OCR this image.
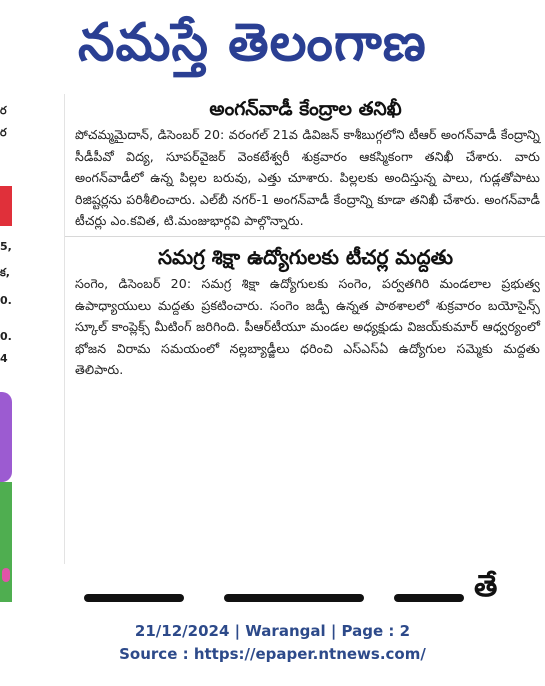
నమస్తే తెలంగాణ
ర
ర
5,
క,
0.
0.
4
అంగన్‌వాడీ కేంద్రాల తనిఖీ

పోచమ్మమైదాన్, డిసెంబర్ 20: వరంగల్ 21వ డివిజన్ కాశీబుగ్గలోని టీఆర్ అంగన్‌వాడీ కేంద్రాన్ని సీడీపీవో విద్య, సూపర్‌వైజర్ వెంకటేశ్వరీ శుక్రవారం ఆకస్మికంగా తనిఖీ చేశారు. వారు అంగన్‌వాడీలో ఉన్న పిల్లల బరువు, ఎత్తు చూశారు. పిల్లలకు అందిస్తున్న పాలు, గుడ్లతోపాటు రిజిష్టర్లను పరిశీలించారు. ఎల్‌బీ నగర్-1 అంగన్‌వాడీ కేంద్రాన్ని కూడా తనిఖీ చేశారు. అంగన్‌వాడీ టీచర్లు ఎం.కవిత, టి.మంజుభార్గవి పాల్గొన్నారు.

సమగ్ర శిక్షా ఉద్యోగులకు టీచర్ల మద్దతు

సంగెం, డిసెంబర్ 20: సమగ్ర శిక్షా ఉద్యోగులకు సంగెం, పర్వతగిరి మండలాల ప్రభుత్వ ఉపాధ్యాయులు మద్దతు ప్రకటించారు. సంగెం జడ్పీ ఉన్నత పాఠశాలలో శుక్రవారం బయోసైన్స్ స్కూల్ కాంప్లెక్స్ మీటింగ్ జరిగింది. పీఆర్‌టీయూ మండల అధ్యక్షుడు విజయ్‌కుమార్ ఆధ్వర్యంలో భోజన విరామ సమయంలో నల్లబ్యాడ్జీలు ధరించి ఎస్‌ఎస్‌ఏ ఉద్యోగుల సమ్మెకు మద్దతు తెలిపారు.

తే
21/12/2024 | Warangal | Page : 2
Source : https://epaper.ntnews.com/
